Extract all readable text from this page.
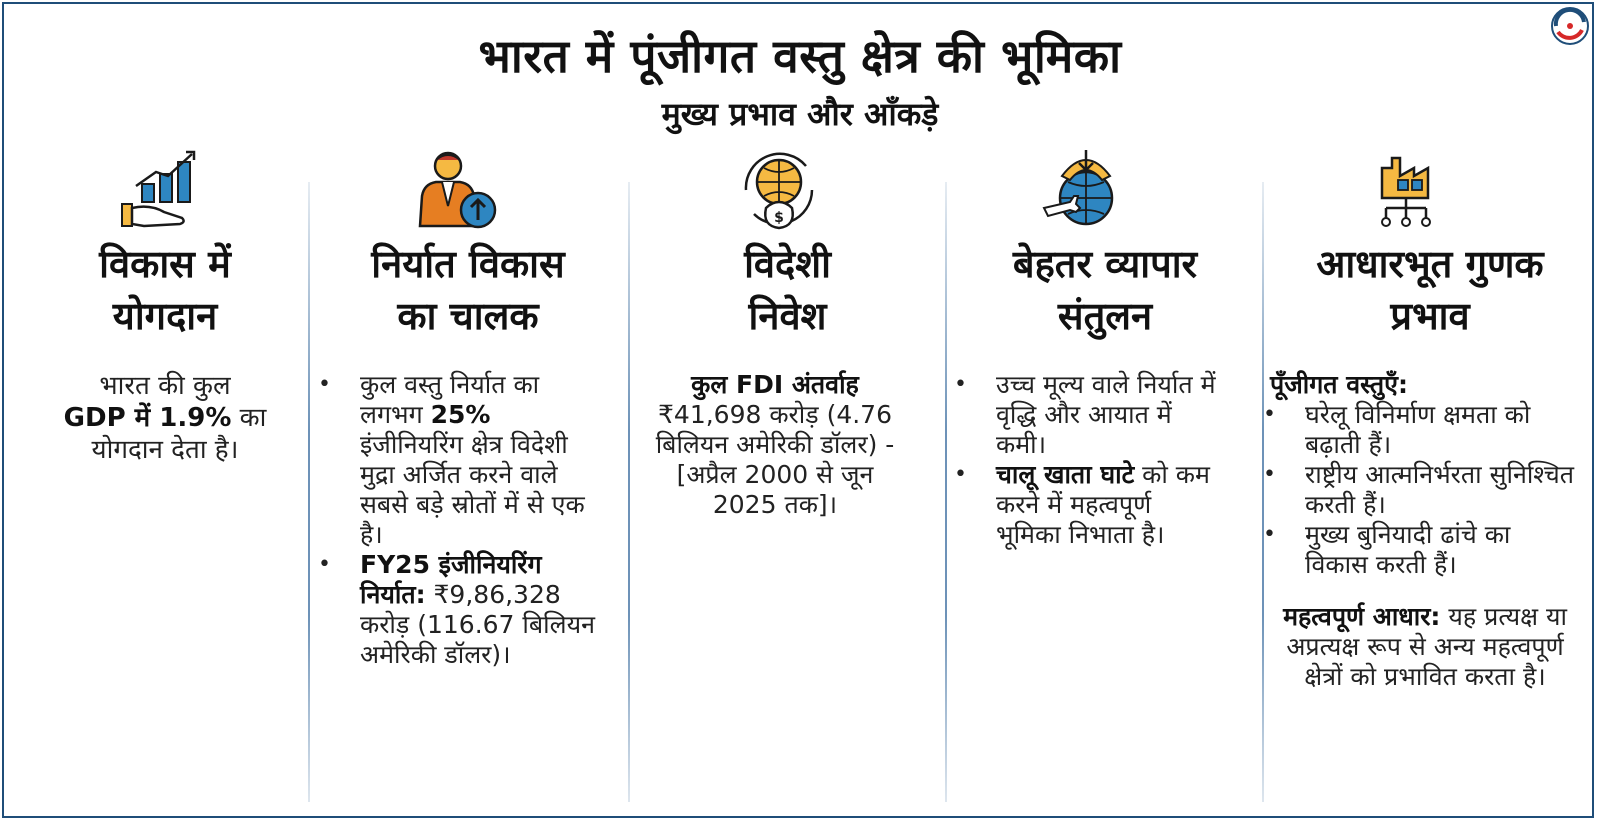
भारत में पूंजीगत वस्तु क्षेत्र की भूमिका
मुख्य प्रभाव और आँकड़े
विकास में
योगदान
भारत की कुल
GDP में 1.9% का
योगदान देता है।
निर्यात विकास
का चालक
• कुल वस्तु निर्यात का लगभग 25% इंजीनियरिंग क्षेत्र विदेशी मुद्रा अर्जित करने वाले सबसे बड़े स्रोतों में से एक है।
• FY25 इंजीनियरिंग निर्यात: ₹9,86,328 करोड़ (116.67 बिलियन अमेरिकी डॉलर)।
$
विदेशी
निवेश
कुल FDI अंतर्वाह
₹41,698 करोड़ (4.76 बिलियन अमेरिकी डॉलर) - [अप्रैल 2000 से जून 2025 तक]।
बेहतर व्यापार
संतुलन
• उच्च मूल्य वाले निर्यात में वृद्धि और आयात में कमी।
• चालू खाता घाटे को कम करने में महत्वपूर्ण भूमिका निभाता है।
आधारभूत गुणक
प्रभाव
पूँजीगत वस्तुएँ:
• घरेलू विनिर्माण क्षमता को बढ़ाती हैं।
• राष्ट्रीय आत्मनिर्भरता सुनिश्चित करती हैं।
• मुख्य बुनियादी ढांचे का विकास करती हैं।
महत्वपूर्ण आधार: यह प्रत्यक्ष या अप्रत्यक्ष रूप से अन्य महत्वपूर्ण क्षेत्रों को प्रभावित करता है।
